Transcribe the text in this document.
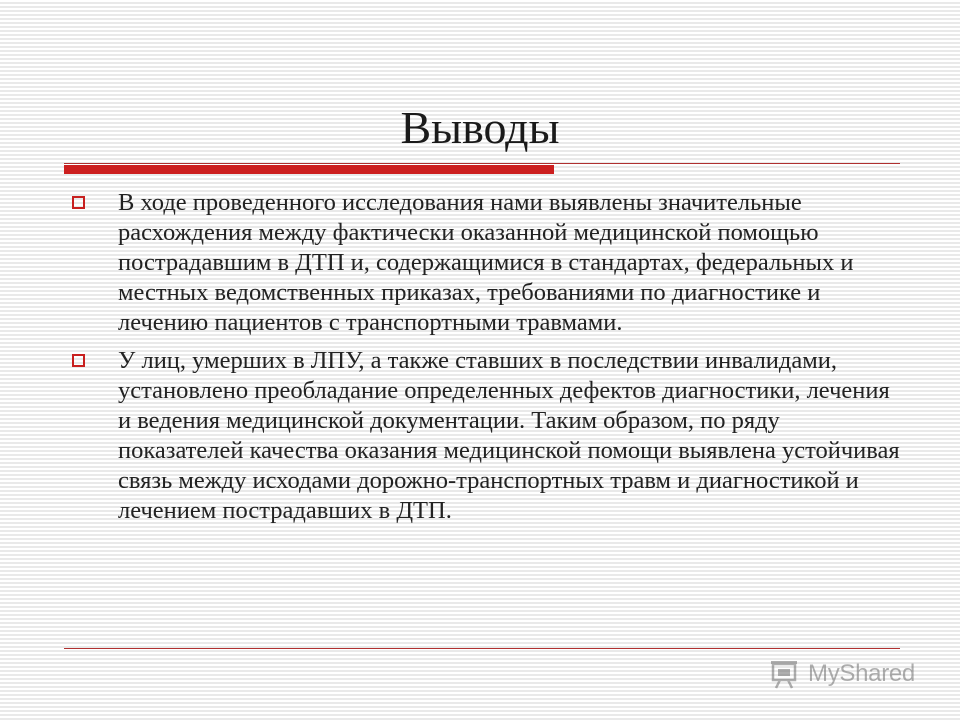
Выводы
В ходе проведенного исследования нами выявлены значительные расхождения между фактически оказанной медицинской помощью пострадавшим в ДТП и, содержащимися в стандартах, федеральных и местных ведомственных приказах, требованиями по диагностике и лечению пациентов с транспортными травмами.
У лиц, умерших в ЛПУ, а также ставших в последствии инвалидами, установлено преобладание определенных дефектов диагностики, лечения и ведения медицинской документации. Таким образом, по ряду показателей качества оказания медицинской помощи выявлена устойчивая связь между исходами дорожно-транспортных травм и диагностикой и лечением пострадавших в ДТП.
MyShared
